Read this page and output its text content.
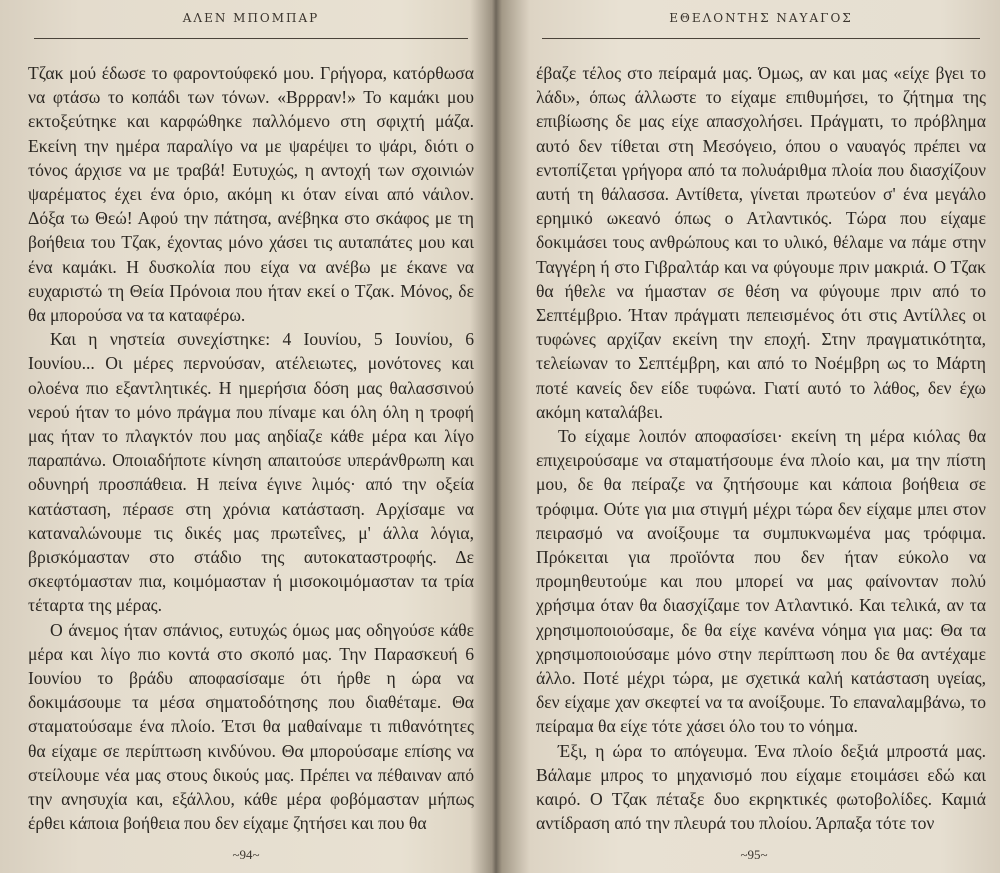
ΑΛΕΝ ΜΠΟΜΠΑΡ

Τζακ μού έδωσε το φαροντούφεκό μου. Γρήγορα, κατόρθωσα να φτάσω το κοπάδι των τόνων. «Βρρραν!» Το καμάκι μου εκτοξεύτηκε και καρφώθηκε παλλόμενο στη σφιχτή μάζα. Εκείνη την ημέρα παραλίγο να με ψαρέψει το ψάρι, διότι ο τόνος άρχισε να με τραβά! Ευτυχώς, η αντοχή των σχοινιών ψαρέματος έχει ένα όριο, ακόμη κι όταν είναι από νάιλον. Δόξα τω Θεώ! Αφού την πάτησα, ανέβηκα στο σκάφος με τη βοήθεια του Τζακ, έχοντας μόνο χάσει τις αυταπάτες μου και ένα καμάκι. Η δυσκολία που είχα να ανέβω με έκανε να ευχαριστώ τη Θεία Πρόνοια που ήταν εκεί ο Τζακ. Μόνος, δε θα μπορούσα να τα καταφέρω.

Και η νηστεία συνεχίστηκε: 4 Ιουνίου, 5 Ιουνίου, 6 Ιουνίου... Οι μέρες περνούσαν, ατέλειωτες, μονότονες και ολοένα πιο εξαντλητικές. Η ημερήσια δόση μας θαλασσινού νερού ήταν το μόνο πράγμα που πίναμε και όλη όλη η τροφή μας ήταν το πλαγκτόν που μας αηδίαζε κάθε μέρα και λίγο παραπάνω. Οποιαδήποτε κίνηση απαιτούσε υπεράνθρωπη και οδυνηρή προσπάθεια. Η πείνα έγινε λιμός· από την οξεία κατάσταση, πέρασε στη χρόνια κατάσταση. Αρχίσαμε να καταναλώνουμε τις δικές μας πρωτεΐνες, μ' άλλα λόγια, βρισκόμασταν στο στάδιο της αυτοκαταστροφής. Δε σκεφτόμασταν πια, κοιμόμασταν ή μισοκοιμόμασταν τα τρία τέταρτα της μέρας.

Ο άνεμος ήταν σπάνιος, ευτυχώς όμως μας οδηγούσε κάθε μέρα και λίγο πιο κοντά στο σκοπό μας. Την Παρασκευή 6 Ιουνίου το βράδυ αποφασίσαμε ότι ήρθε η ώρα να δοκιμάσουμε τα μέσα σηματοδότησης που διαθέταμε. Θα σταματούσαμε ένα πλοίο. Έτσι θα μαθαίναμε τι πιθανότητες θα είχαμε σε περίπτωση κινδύνου. Θα μπορούσαμε επίσης να στείλουμε νέα μας στους δικούς μας. Πρέπει να πέθαιναν από την ανησυχία και, εξάλλου, κάθε μέρα φοβόμασταν μήπως έρθει κάποια βοήθεια που δεν είχαμε ζητήσει και που θα

~94~
ΕΘΕΛΟΝΤΗΣ ΝΑΥΑΓΟΣ

έβαζε τέλος στο πείραμά μας. Όμως, αν και μας «είχε βγει το λάδι», όπως άλλωστε το είχαμε επιθυμήσει, το ζήτημα της επιβίωσης δε μας είχε απασχολήσει. Πράγματι, το πρόβλημα αυτό δεν τίθεται στη Μεσόγειο, όπου ο ναυαγός πρέπει να εντοπίζεται γρήγορα από τα πολυάριθμα πλοία που διασχίζουν αυτή τη θάλασσα. Αντίθετα, γίνεται πρωτεύον σ' ένα μεγάλο ερημικό ωκεανό όπως ο Ατλαντικός. Τώρα που είχαμε δοκιμάσει τους ανθρώπους και το υλικό, θέλαμε να πάμε στην Ταγγέρη ή στο Γιβραλτάρ και να φύγουμε πριν μακριά. Ο Τζακ θα ήθελε να ήμασταν σε θέση να φύγουμε πριν από το Σεπτέμβριο. Ήταν πράγματι πεπεισμένος ότι στις Αντίλλες οι τυφώνες αρχίζαν εκείνη την εποχή. Στην πραγματικότητα, τελείωναν το Σεπτέμβρη, και από το Νοέμβρη ως το Μάρτη ποτέ κανείς δεν είδε τυφώνα. Γιατί αυτό το λάθος, δεν έχω ακόμη καταλάβει.

Το είχαμε λοιπόν αποφασίσει· εκείνη τη μέρα κιόλας θα επιχειρούσαμε να σταματήσουμε ένα πλοίο και, μα την πίστη μου, δε θα πείραζε να ζητήσουμε και κάποια βοήθεια σε τρόφιμα. Ούτε για μια στιγμή μέχρι τώρα δεν είχαμε μπει στον πειρασμό να ανοίξουμε τα συμπυκνωμένα μας τρόφιμα. Πρόκειται για προϊόντα που δεν ήταν εύκολο να προμηθευτούμε και που μπορεί να μας φαίνονταν πολύ χρήσιμα όταν θα διασχίζαμε τον Ατλαντικό. Και τελικά, αν τα χρησιμοποιούσαμε, δε θα είχε κανένα νόημα για μας: Θα τα χρησιμοποιούσαμε μόνο στην περίπτωση που δε θα αντέχαμε άλλο. Ποτέ μέχρι τώρα, με σχετικά καλή κατάσταση υγείας, δεν είχαμε χαν σκεφτεί να τα ανοίξουμε. Το επαναλαμβάνω, το πείραμα θα είχε τότε χάσει όλο του το νόημα.

Έξι, η ώρα το απόγευμα. Ένα πλοίο δεξιά μπροστά μας. Βάλαμε μπρος το μηχανισμό που είχαμε ετοιμάσει εδώ και καιρό. Ο Τζακ πέταξε δυο εκρηκτικές φωτοβολίδες. Καμιά αντίδραση από την πλευρά του πλοίου. Άρπαξα τότε τον

~95~
